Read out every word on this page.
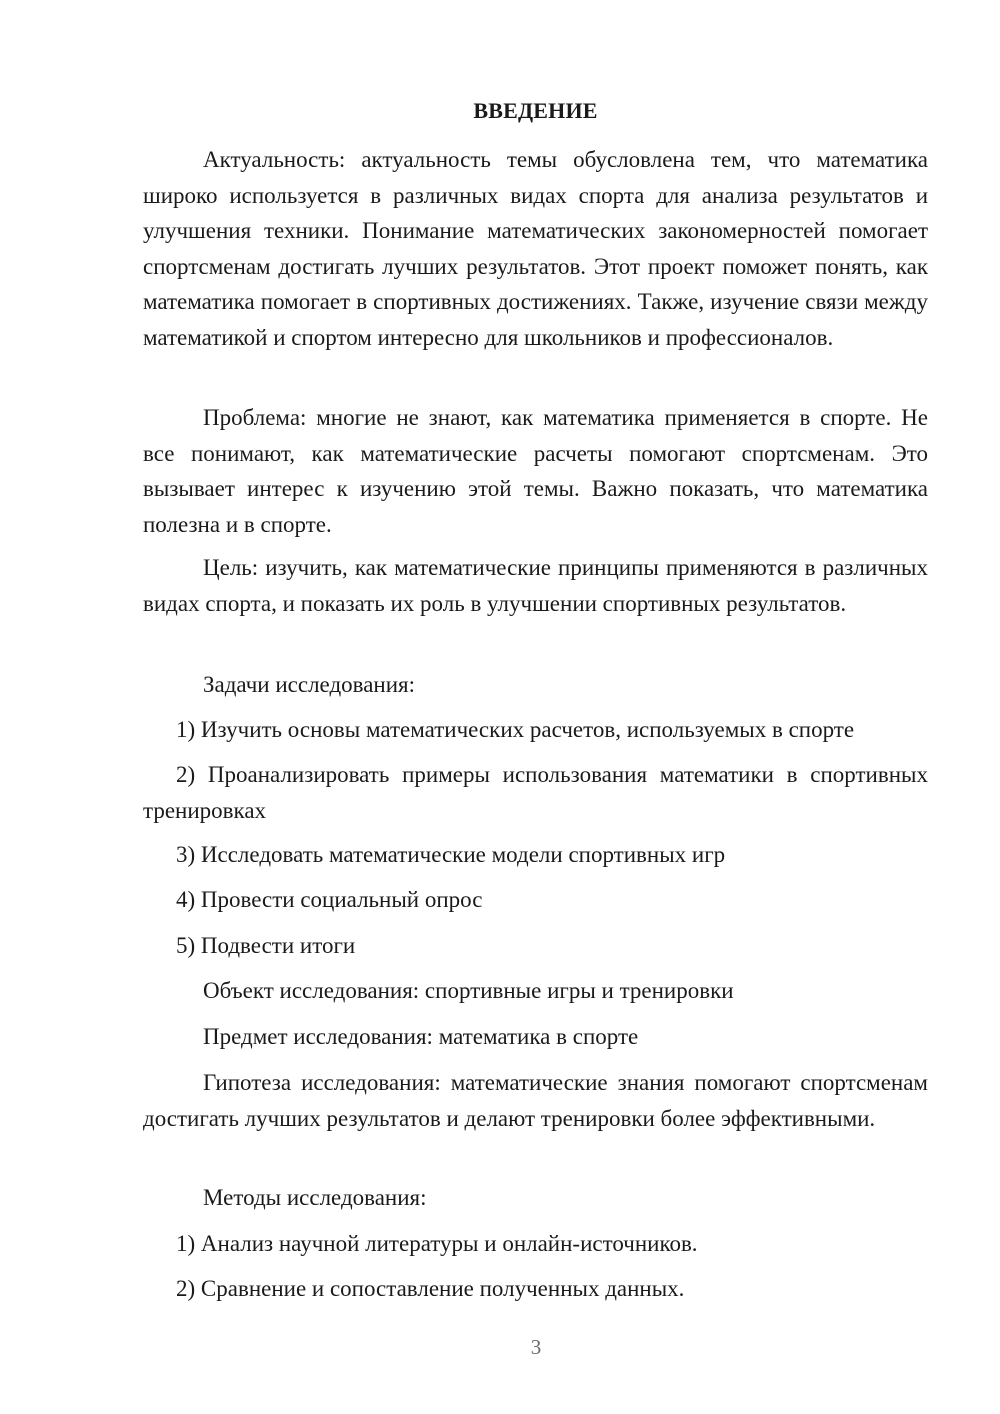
ВВЕДЕНИЕ

Актуальность: актуальность темы обусловлена тем, что математика широко используется в различных видах спорта для анализа результатов и улучшения техники. Понимание математических закономерностей помогает спортсменам достигать лучших результатов. Этот проект поможет понять, как математика помогает в спортивных достижениях. Также, изучение связи между математикой и спортом интересно для школьников и профессионалов.

Проблема: многие не знают, как математика применяется в спорте. Не все понимают, как математические расчеты помогают спортсменам. Это вызывает интерес к изучению этой темы. Важно показать, что математика полезна и в спорте.

Цель: изучить, как математические принципы применяются в различных видах спорта, и показать их роль в улучшении спортивных результатов.

Задачи исследования:

1) Изучить основы математических расчетов, используемых в спорте

2) Проанализировать примеры использования математики в спортивных тренировках

3) Исследовать математические модели спортивных игр

4) Провести социальный опрос

5) Подвести итоги

Объект исследования: спортивные игры и тренировки

Предмет исследования: математика в спорте

Гипотеза исследования: математические знания помогают спортсменам достигать лучших результатов и делают тренировки более эффективными.

Методы исследования:

1) Анализ научной литературы и онлайн-источников.

2) Сравнение и сопоставление полученных данных.

3
